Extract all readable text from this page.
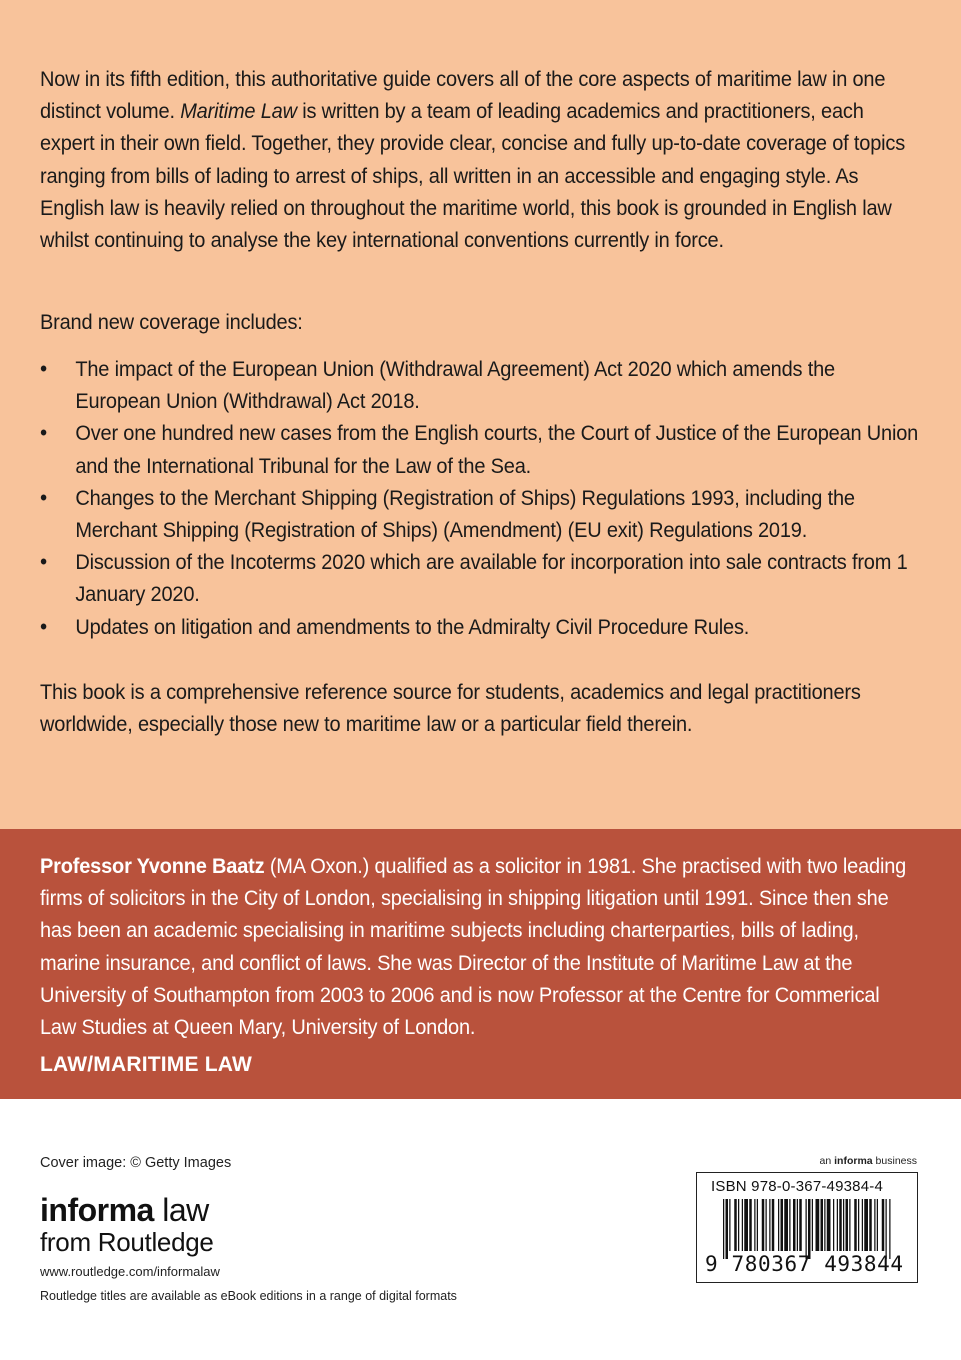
Now in its fifth edition, this authoritative guide covers all of the core aspects of maritime law in one distinct volume. Maritime Law is written by a team of leading academics and practitioners, each expert in their own field. Together, they provide clear, concise and fully up-to-date coverage of topics ranging from bills of lading to arrest of ships, all written in an accessible and engaging style. As English law is heavily relied on throughout the maritime world, this book is grounded in English law whilst continuing to analyse the key international conventions currently in force.

Brand new coverage includes:

• The impact of the European Union (Withdrawal Agreement) Act 2020 which amends the European Union (Withdrawal) Act 2018.
• Over one hundred new cases from the English courts, the Court of Justice of the European Union and the International Tribunal for the Law of the Sea.
• Changes to the Merchant Shipping (Registration of Ships) Regulations 1993, including the Merchant Shipping (Registration of Ships) (Amendment) (EU exit) Regulations 2019.
• Discussion of the Incoterms 2020 which are available for incorporation into sale contracts from 1 January 2020.
• Updates on litigation and amendments to the Admiralty Civil Procedure Rules.

This book is a comprehensive reference source for students, academics and legal practitioners worldwide, especially those new to maritime law or a particular field therein.

Professor Yvonne Baatz (MA Oxon.) qualified as a solicitor in 1981. She practised with two leading firms of solicitors in the City of London, specialising in shipping litigation until 1991. Since then she has been an academic specialising in maritime subjects including charterparties, bills of lading, marine insurance, and conflict of laws. She was Director of the Institute of Maritime Law at the University of Southampton from 2003 to 2006 and is now Professor at the Centre for Commerical Law Studies at Queen Mary, University of London.

LAW/MARITIME LAW
Cover image: © Getty Images
informa law
from Routledge
www.routledge.com/informalaw
Routledge titles are available as eBook editions in a range of digital formats
an informa business
ISBN 978-0-367-49384-4
9 780367 493844
